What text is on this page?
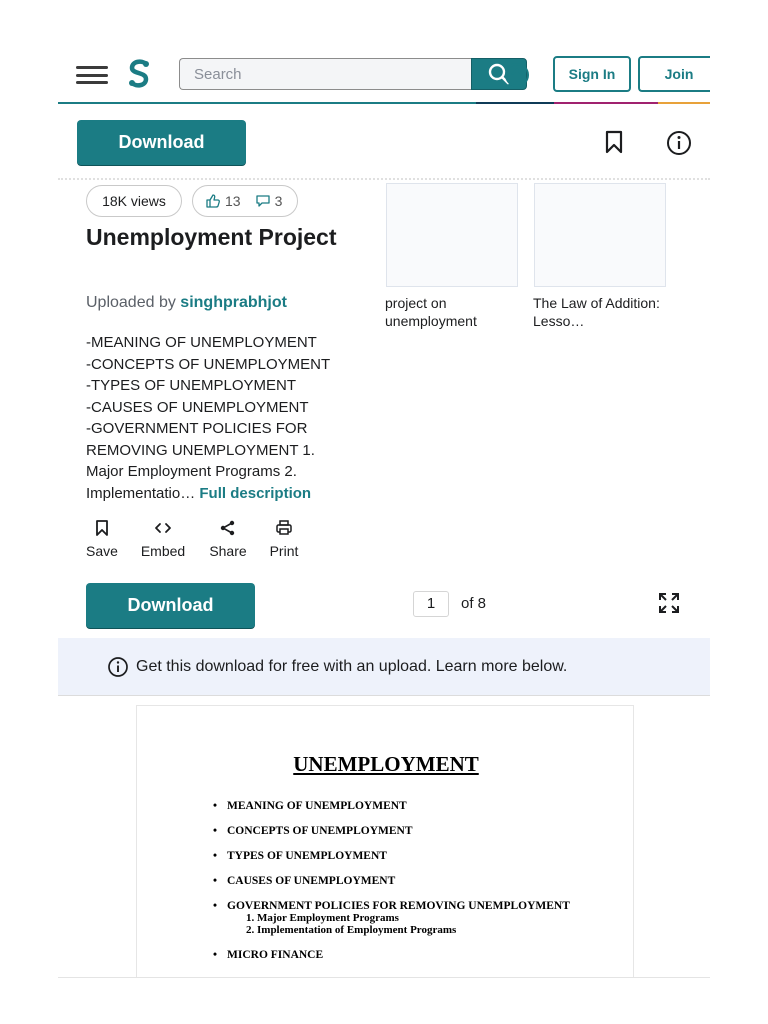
Search
Sign In	Join
Download
18K views	13 3
Unemployment Project
Uploaded by singhprabhjot
-MEANING OF UNEMPLOYMENT
-CONCEPTS OF UNEMPLOYMENT
-TYPES OF UNEMPLOYMENT
-CAUSES OF UNEMPLOYMENT
-GOVERNMENT POLICIES FOR
REMOVING UNEMPLOYMENT 1.
Major Employment Programs 2.
Implementatio… Full description
project on unemployment
The Law of Addition: Lesso…
Save	Embed	Share	Print
Download	1	of 8
Get this download for free with an upload. Learn more below.
UNEMPLOYMENT
• MEANING OF UNEMPLOYMENT
• CONCEPTS OF UNEMPLOYMENT
• TYPES OF UNEMPLOYMENT
• CAUSES OF UNEMPLOYMENT
• GOVERNMENT POLICIES FOR REMOVING UNEMPLOYMENT
1. Major Employment Programs
2. Implementation of Employment Programs
• MICRO FINANCE
